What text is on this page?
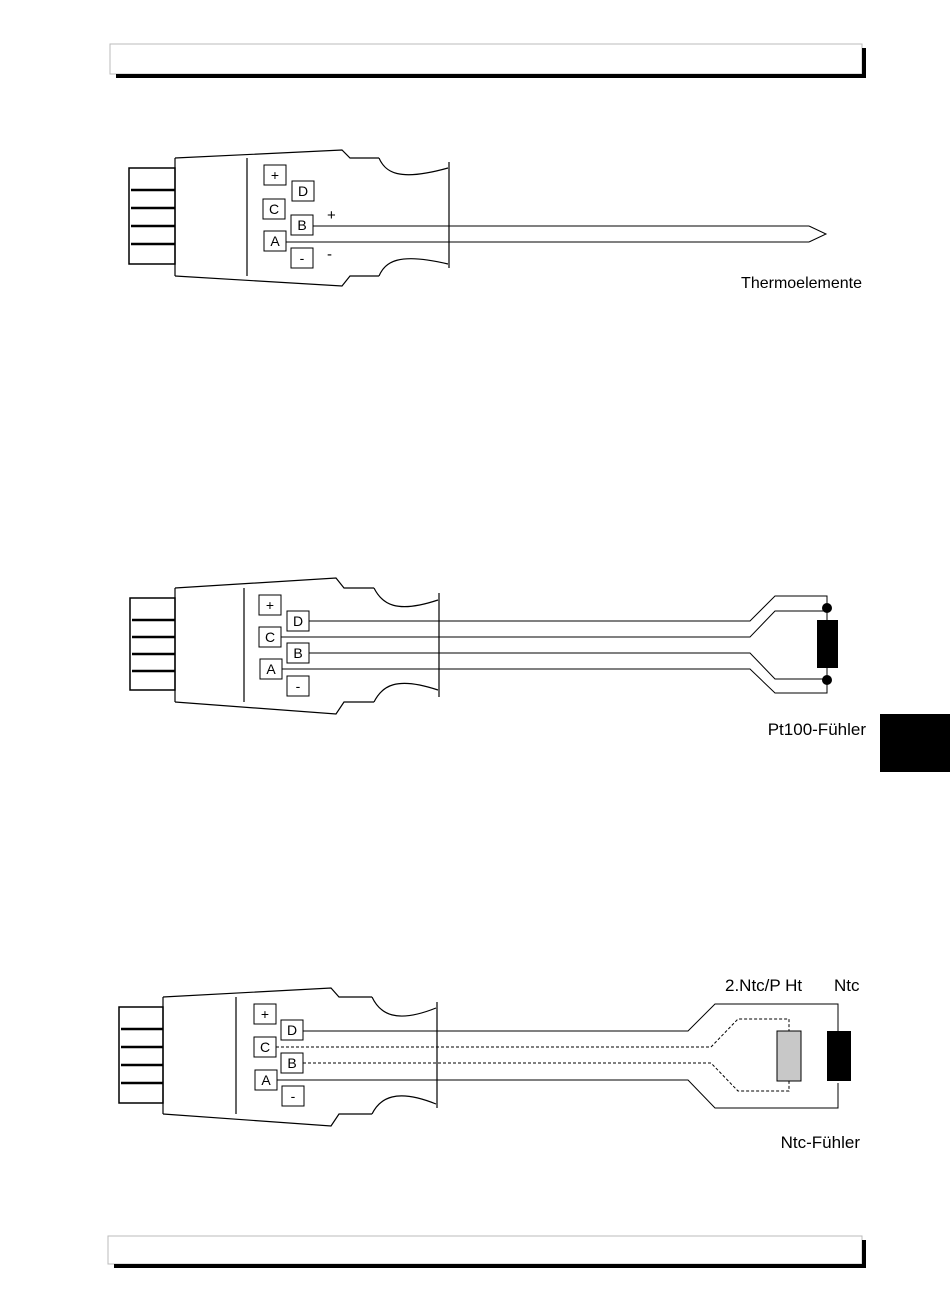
+
D
C
B
A
-
+
-
Thermoelemente
+
D
C
B
A
-
Pt100-Fühler
+
D
C
B
A
-
2.Ntc/P Ht Ntc
Ntc-Fühler
